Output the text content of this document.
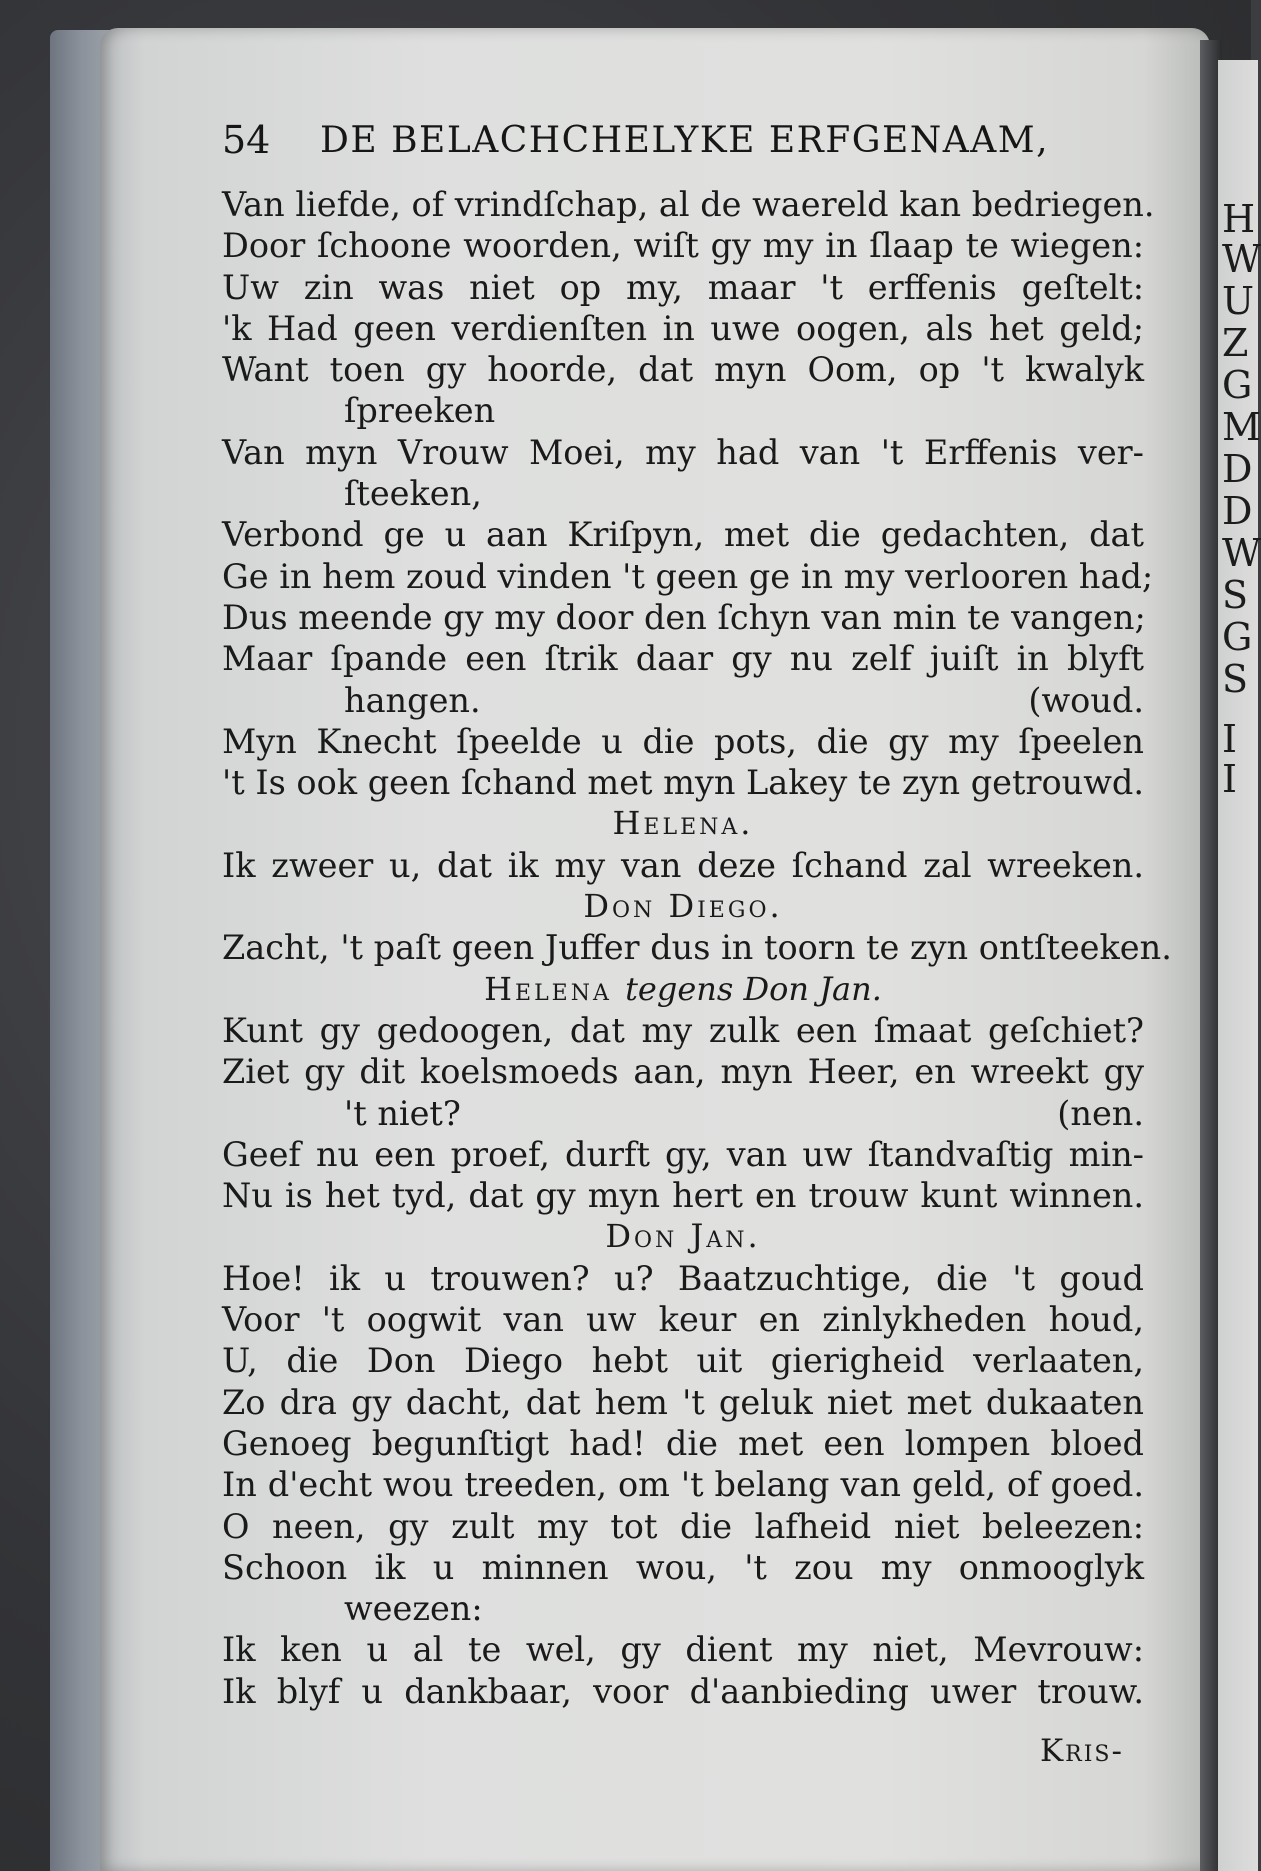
H
W
U
Z
G
M
D
D
W
S
G
S
I
I
54 DE BELACHCHELYKE ERFGENAAM,
Van liefde, of vrindſchap, al de waereld kan bedriegen.
Door ſchoone woorden, wiſt gy my in ſlaap te wiegen:
Uw zin was niet op my, maar 't erffenis geſtelt:
'k Had geen verdienſten in uwe oogen, als het geld;
Want toen gy hoorde, dat myn Oom, op 't kwalyk
ſpreeken
Van myn Vrouw Moei, my had van 't Erffenis ver-
ſteeken,
Verbond ge u aan Kriſpyn, met die gedachten, dat
Ge in hem zoud vinden 't geen ge in my verlooren had;
Dus meende gy my door den ſchyn van min te vangen;
Maar ſpande een ſtrik daar gy nu zelf juiſt in blyft
hangen.	(woud.
Myn Knecht ſpeelde u die pots, die gy my ſpeelen
't Is ook geen ſchand met myn Lakey te zyn getrouwd.
Helena.
Ik zweer u, dat ik my van deze ſchand zal wreeken.
Don Diego.
Zacht, 't paſt geen Juffer dus in toorn te zyn ontſteeken.
Helena tegens Don Jan.
Kunt gy gedoogen, dat my zulk een ſmaat geſchiet?
Ziet gy dit koelsmoeds aan, myn Heer, en wreekt gy
't niet?	(nen.
Geef nu een proef, durft gy, van uw ſtandvaſtig min-
Nu is het tyd, dat gy myn hert en trouw kunt winnen.
Don Jan.
Hoe! ik u trouwen? u? Baatzuchtige, die 't goud
Voor 't oogwit van uw keur en zinlykheden houd,
U, die Don Diego hebt uit gierigheid verlaaten,
Zo dra gy dacht, dat hem 't geluk niet met dukaaten
Genoeg begunſtigt had! die met een lompen bloed
In d'echt wou treeden, om 't belang van geld, of goed.
O neen, gy zult my tot die lafheid niet beleezen:
Schoon ik u minnen wou, 't zou my onmooglyk
weezen:
Ik ken u al te wel, gy dient my niet, Mevrouw:
Ik blyf u dankbaar, voor d'aanbieding uwer trouw.
Kris-
